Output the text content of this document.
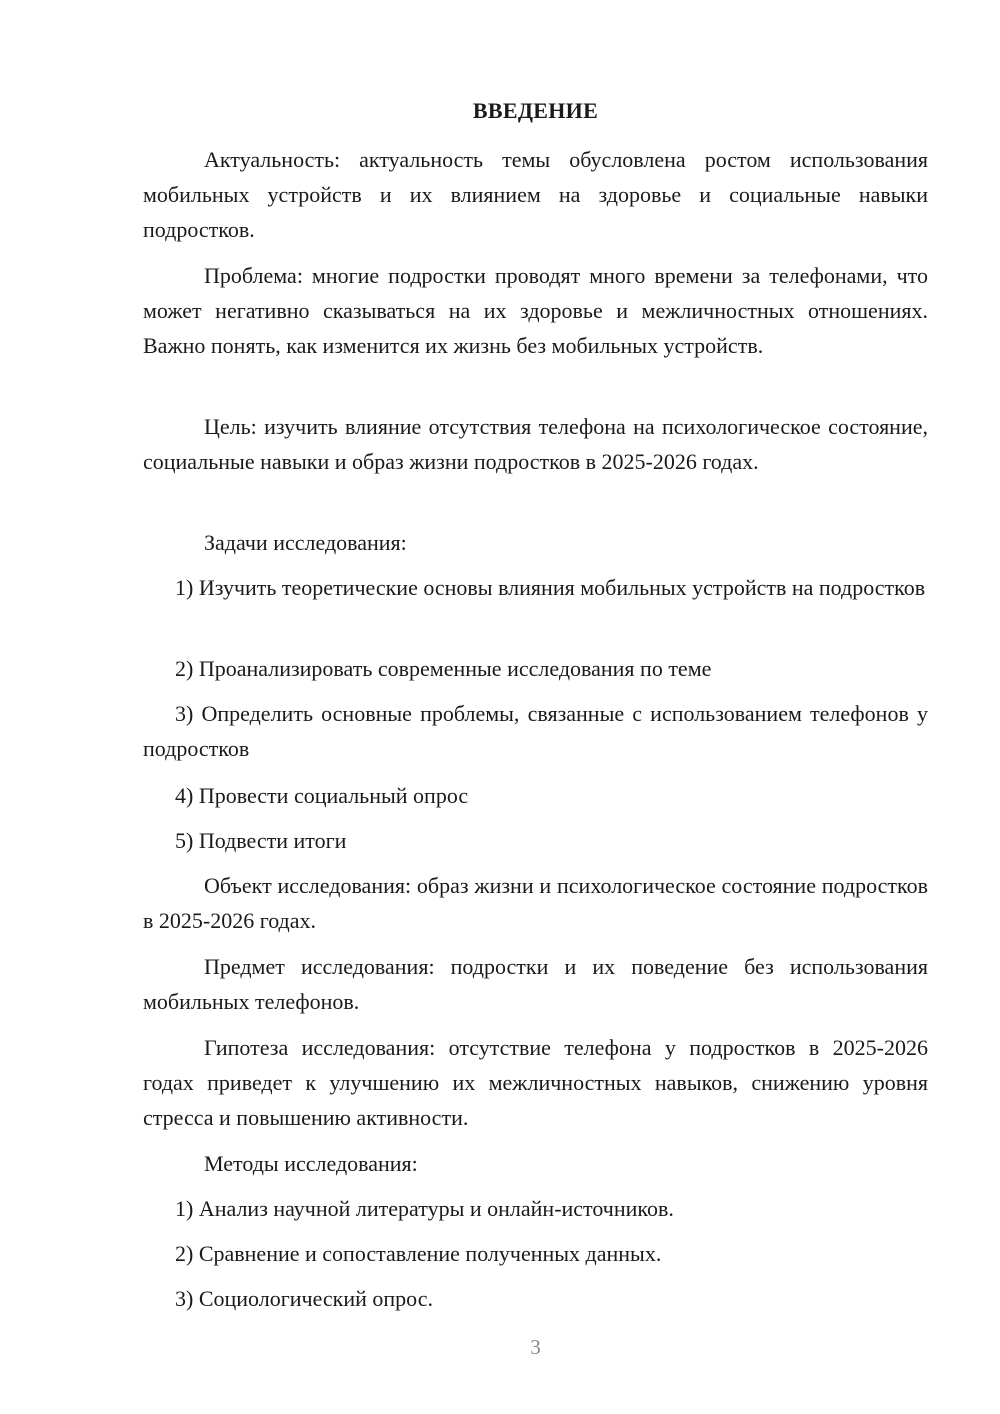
ВВЕДЕНИЕ

Актуальность: актуальность темы обусловлена ростом использования мобильных устройств и их влиянием на здоровье и социальные навыки подростков.

Проблема: многие подростки проводят много времени за телефонами, что может негативно сказываться на их здоровье и межличностных отношениях. Важно понять, как изменится их жизнь без мобильных устройств.

Цель: изучить влияние отсутствия телефона на психологическое состояние, социальные навыки и образ жизни подростков в 2025-2026 годах.

Задачи исследования:

1) Изучить теоретические основы влияния мобильных устройств на подростков

2) Проанализировать современные исследования по теме

3) Определить основные проблемы, связанные с использованием телефонов у подростков

4) Провести социальный опрос

5) Подвести итоги

Объект исследования: образ жизни и психологическое состояние подростков в 2025-2026 годах.

Предмет исследования: подростки и их поведение без использования мобильных телефонов.

Гипотеза исследования: отсутствие телефона у подростков в 2025-2026 годах приведет к улучшению их межличностных навыков, снижению уровня стресса и повышению активности.

Методы исследования:

1) Анализ научной литературы и онлайн-источников.

2) Сравнение и сопоставление полученных данных.

3) Социологический опрос.

3
